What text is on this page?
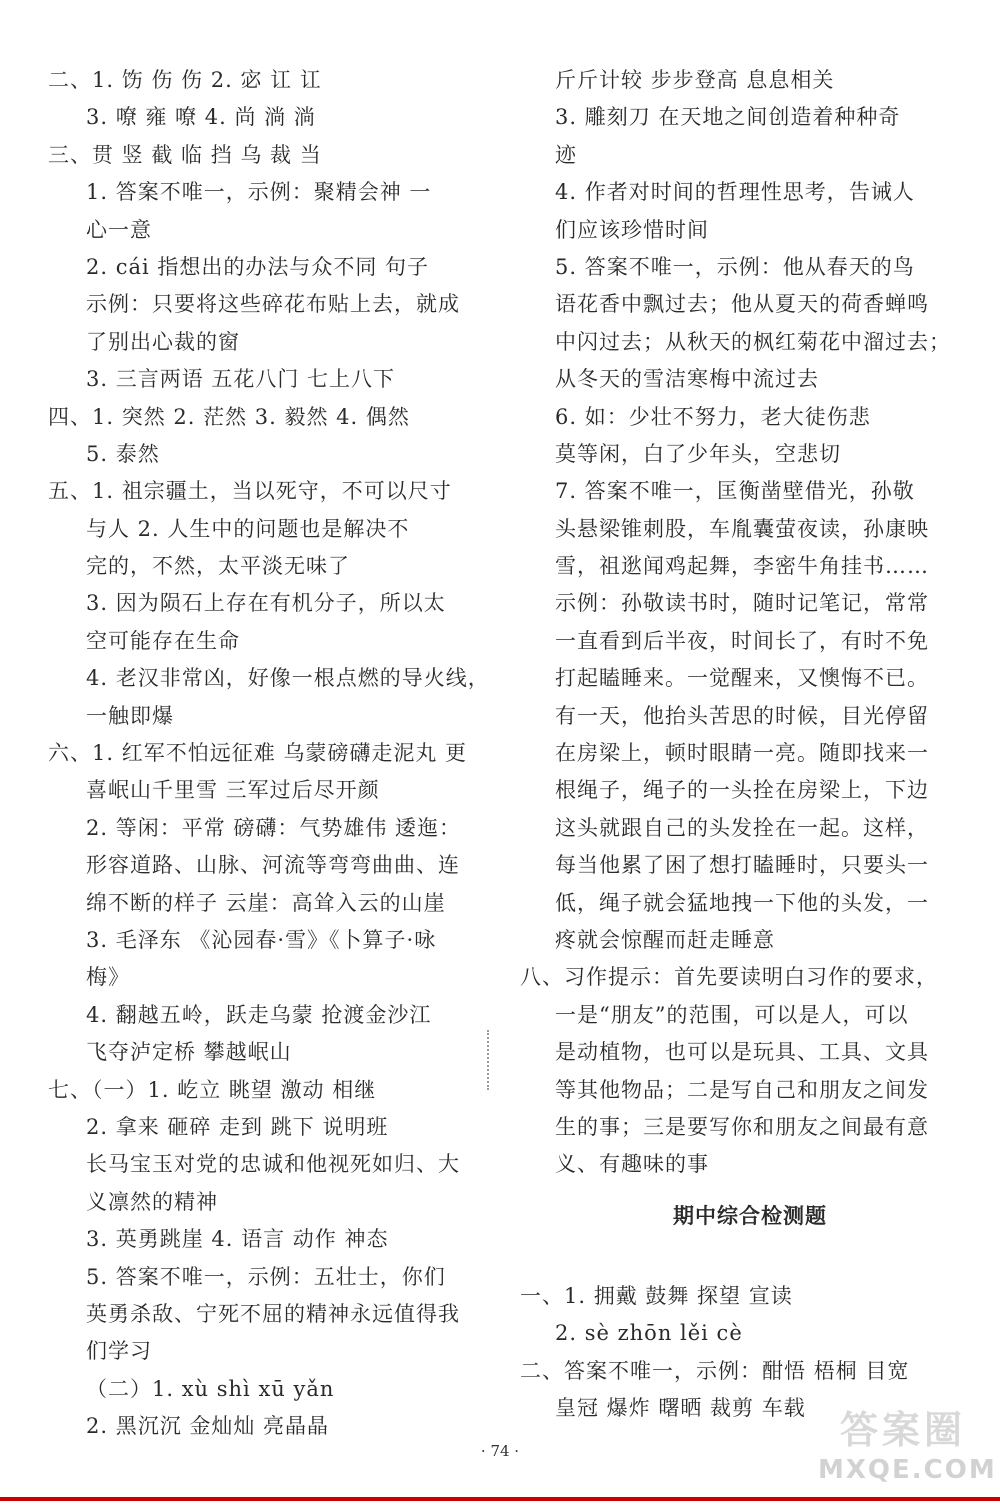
二、1. 饬 伤 伤 2. 宓 讧 讧
3. 嘹 雍 嘹 4. 尚 淌 淌
三、贯 竖 截 临 挡 乌 裁 当
1. 答案不唯一，示例：聚精会神 一
心一意
2. cái 指想出的办法与众不同 句子
示例：只要将这些碎花布贴上去，就成
了别出心裁的窗
3. 三言两语 五花八门 七上八下
四、1. 突然 2. 茫然 3. 毅然 4. 偶然
5. 泰然
五、1. 祖宗疆土，当以死守，不可以尺寸
与人 2. 人生中的问题也是解决不
完的，不然，太平淡无味了
3. 因为陨石上存在有机分子，所以太
空可能存在生命
4. 老汉非常凶，好像一根点燃的导火线，
一触即爆
六、1. 红军不怕远征难 乌蒙磅礴走泥丸 更
喜岷山千里雪 三军过后尽开颜
2. 等闲：平常 磅礴：气势雄伟 逶迤：
形容道路、山脉、河流等弯弯曲曲、连
绵不断的样子 云崖：高耸入云的山崖
3. 毛泽东 《沁园春·雪》《卜算子·咏
梅》
4. 翻越五岭，跃走乌蒙 抢渡金沙江
飞夺泸定桥 攀越岷山
七、（一）1. 屹立 眺望 激动 相继
2. 拿来 砸碎 走到 跳下 说明班
长马宝玉对党的忠诚和他视死如归、大
义凛然的精神
3. 英勇跳崖 4. 语言 动作 神态
5. 答案不唯一，示例：五壮士，你们
英勇杀敌、宁死不屈的精神永远值得我
们学习
（二）1. xù shì xū yǎn
2. 黑沉沉 金灿灿 亮晶晶
斤斤计较 步步登高 息息相关
3. 雕刻刀 在天地之间创造着种种奇
迹
4. 作者对时间的哲理性思考，告诫人
们应该珍惜时间
5. 答案不唯一，示例：他从春天的鸟
语花香中飘过去；他从夏天的荷香蝉鸣
中闪过去；从秋天的枫红菊花中溜过去；
从冬天的雪洁寒梅中流过去
6. 如：少壮不努力，老大徒伤悲
莫等闲，白了少年头，空悲切
7. 答案不唯一，匡衡凿壁借光，孙敬
头悬梁锥刺股，车胤囊萤夜读，孙康映
雪，祖逖闻鸡起舞，李密牛角挂书……
示例：孙敬读书时，随时记笔记，常常
一直看到后半夜，时间长了，有时不免
打起瞌睡来。一觉醒来，又懊悔不已。
有一天，他抬头苦思的时候，目光停留
在房梁上，顿时眼睛一亮。随即找来一
根绳子，绳子的一头拴在房梁上，下边
这头就跟自己的头发拴在一起。这样，
每当他累了困了想打瞌睡时，只要头一
低，绳子就会猛地拽一下他的头发，一
疼就会惊醒而赶走睡意
八、习作提示：首先要读明白习作的要求，
一是“朋友”的范围，可以是人，可以
是动植物，也可以是玩具、工具、文具
等其他物品；二是写自己和朋友之间发
生的事；三是要写你和朋友之间最有意
义、有趣味的事
期中综合检测题
一、1. 拥戴 鼓舞 探望 宣读
2. sè zhōn lěi cè
二、答案不唯一，示例：酣悟 梧桐 目宽
皇冠 爆炸 曙晒 裁剪 车载
· 74 ·	答案圈
MXQE.COM
